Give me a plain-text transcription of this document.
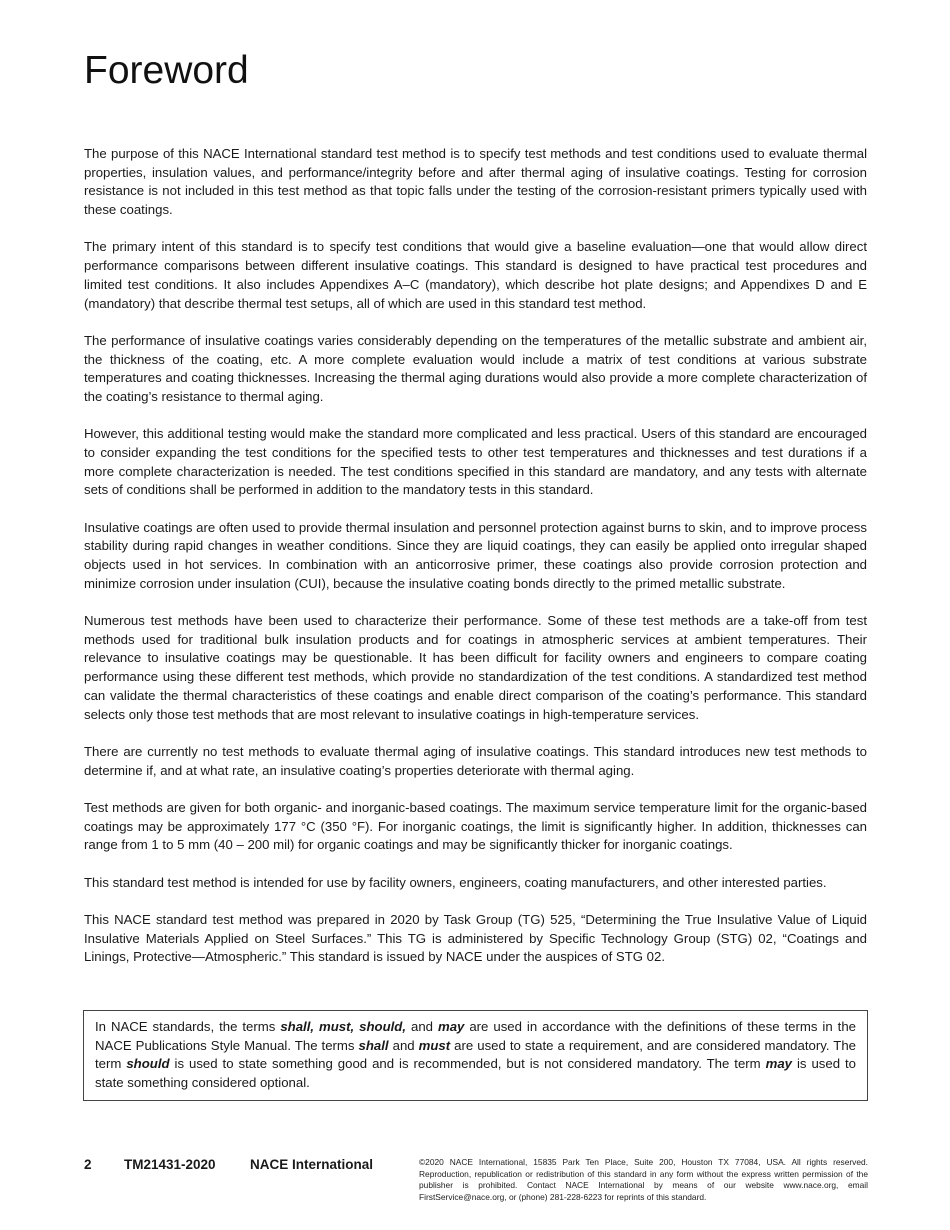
Foreword

The purpose of this NACE International standard test method is to specify test methods and test conditions used to evaluate thermal properties, insulation values, and performance/integrity before and after thermal aging of insulative coatings. Testing for corrosion resistance is not included in this test method as that topic falls under the testing of the corrosion-resistant primers typically used with these coatings.

The primary intent of this standard is to specify test conditions that would give a baseline evaluation—one that would allow direct performance comparisons between different insulative coatings. This standard is designed to have practical test procedures and limited test conditions. It also includes Appendixes A–C (mandatory), which describe hot plate designs; and Appendixes D and E (mandatory) that describe thermal test setups, all of which are used in this standard test method.

The performance of insulative coatings varies considerably depending on the temperatures of the metallic substrate and ambient air, the thickness of the coating, etc. A more complete evaluation would include a matrix of test conditions at various substrate temperatures and coating thicknesses. Increasing the thermal aging durations would also provide a more complete characterization of the coating’s resistance to thermal aging.

However, this additional testing would make the standard more complicated and less practical. Users of this standard are encouraged to consider expanding the test conditions for the specified tests to other test temperatures and thicknesses and test durations if a more complete characterization is needed. The test conditions specified in this standard are mandatory, and any tests with alternate sets of conditions shall be performed in addition to the mandatory tests in this standard.

Insulative coatings are often used to provide thermal insulation and personnel protection against burns to skin, and to improve process stability during rapid changes in weather conditions. Since they are liquid coatings, they can easily be applied onto irregular shaped objects used in hot services. In combination with an anticorrosive primer, these coatings also provide corrosion protection and minimize corrosion under insulation (CUI), because the insulative coating bonds directly to the primed metallic substrate.

Numerous test methods have been used to characterize their performance. Some of these test methods are a take-off from test methods used for traditional bulk insulation products and for coatings in atmospheric services at ambient temperatures. Their relevance to insulative coatings may be questionable. It has been difficult for facility owners and engineers to compare coating performance using these different test methods, which provide no standardization of the test conditions. A standardized test method can validate the thermal characteristics of these coatings and enable direct comparison of the coating’s performance. This standard selects only those test methods that are most relevant to insulative coatings in high-temperature services.

There are currently no test methods to evaluate thermal aging of insulative coatings. This standard introduces new test methods to determine if, and at what rate, an insulative coating’s properties deteriorate with thermal aging.

Test methods are given for both organic- and inorganic-based coatings. The maximum service temperature limit for the organic-based coatings may be approximately 177 °C (350 °F). For inorganic coatings, the limit is significantly higher. In addition, thicknesses can range from 1 to 5 mm (40 – 200 mil) for organic coatings and may be significantly thicker for inorganic coatings.

This standard test method is intended for use by facility owners, engineers, coating manufacturers, and other interested parties.

This NACE standard test method was prepared in 2020 by Task Group (TG) 525, “Determining the True Insulative Value of Liquid Insulative Materials Applied on Steel Surfaces.” This TG is administered by Specific Technology Group (STG) 02, “Coatings and Linings, Protective—Atmospheric.” This standard is issued by NACE under the auspices of STG 02.

In NACE standards, the terms shall, must, should, and may are used in accordance with the definitions of these terms in the NACE Publications Style Manual. The terms shall and must are used to state a requirement, and are considered mandatory. The term should is used to state something good and is recommended, but is not considered mandatory. The term may is used to state something considered optional.
2 TM21431-2020	NACE International	©2020 NACE International, 15835 Park Ten Place, Suite 200, Houston TX 77084, USA. All rights reserved. Reproduction, republication or redistribution of this standard in any form without the express written permission of the publisher is prohibited. Contact NACE International by means of our website www.nace.org, email FirstService@nace.org, or (phone) 281-228-6223 for reprints of this standard.
